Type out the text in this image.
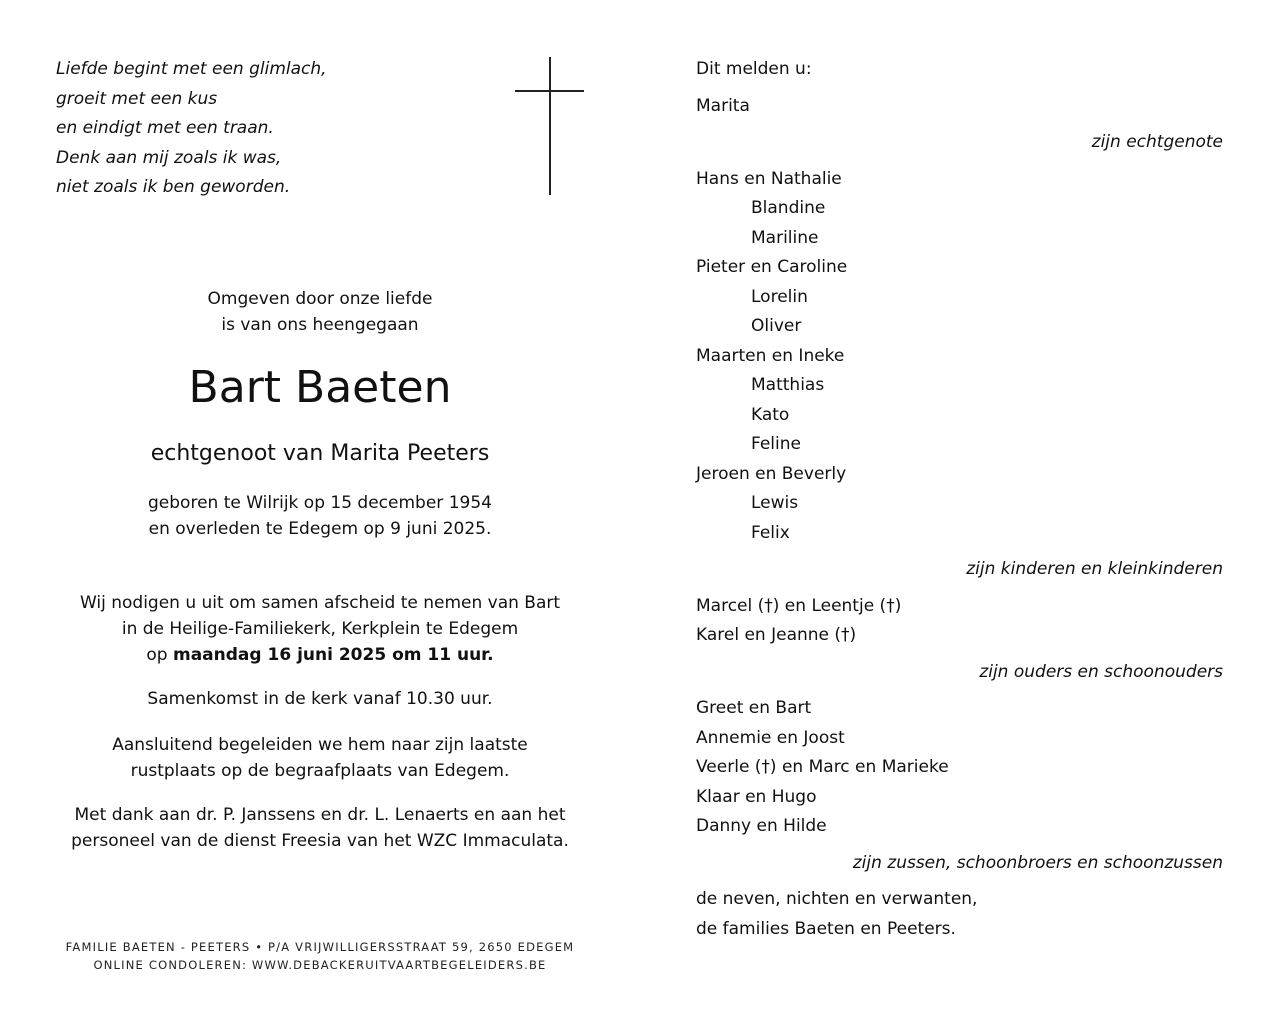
Liefde begint met een glimlach,
groeit met een kus
en eindigt met een traan.
Denk aan mij zoals ik was,
niet zoals ik ben geworden.
Omgeven door onze liefde
is van ons heengegaan
Bart Baeten
echtgenoot van Marita Peeters
geboren te Wilrijk op 15 december 1954
en overleden te Edegem op 9 juni 2025.
Wij nodigen u uit om samen afscheid te nemen van Bart
in de Heilige-Familiekerk, Kerkplein te Edegem
op maandag 16 juni 2025 om 11 uur.
Samenkomst in de kerk vanaf 10.30 uur.
Aansluitend begeleiden we hem naar zijn laatste
rustplaats op de begraafplaats van Edegem.
Met dank aan dr. P. Janssens en dr. L. Lenaerts en aan het
personeel van de dienst Freesia van het WZC Immaculata.
FAMILIE BAETEN - PEETERS • P/A VRIJWILLIGERSSTRAAT 59, 2650 EDEGEM
ONLINE CONDOLEREN: WWW.DEBACKERUITVAARTBEGELEIDERS.BE
Dit melden u:
Marita
zijn echtgenote
Hans en Nathalie
Blandine
Mariline
Pieter en Caroline
Lorelin
Oliver
Maarten en Ineke
Matthias
Kato
Feline
Jeroen en Beverly
Lewis
Felix
zijn kinderen en kleinkinderen
Marcel (†) en Leentje (†)
Karel en Jeanne (†)
zijn ouders en schoonouders
Greet en Bart
Annemie en Joost
Veerle (†) en Marc en Marieke
Klaar en Hugo
Danny en Hilde
zijn zussen, schoonbroers en schoonzussen
de neven, nichten en verwanten,
de families Baeten en Peeters.
